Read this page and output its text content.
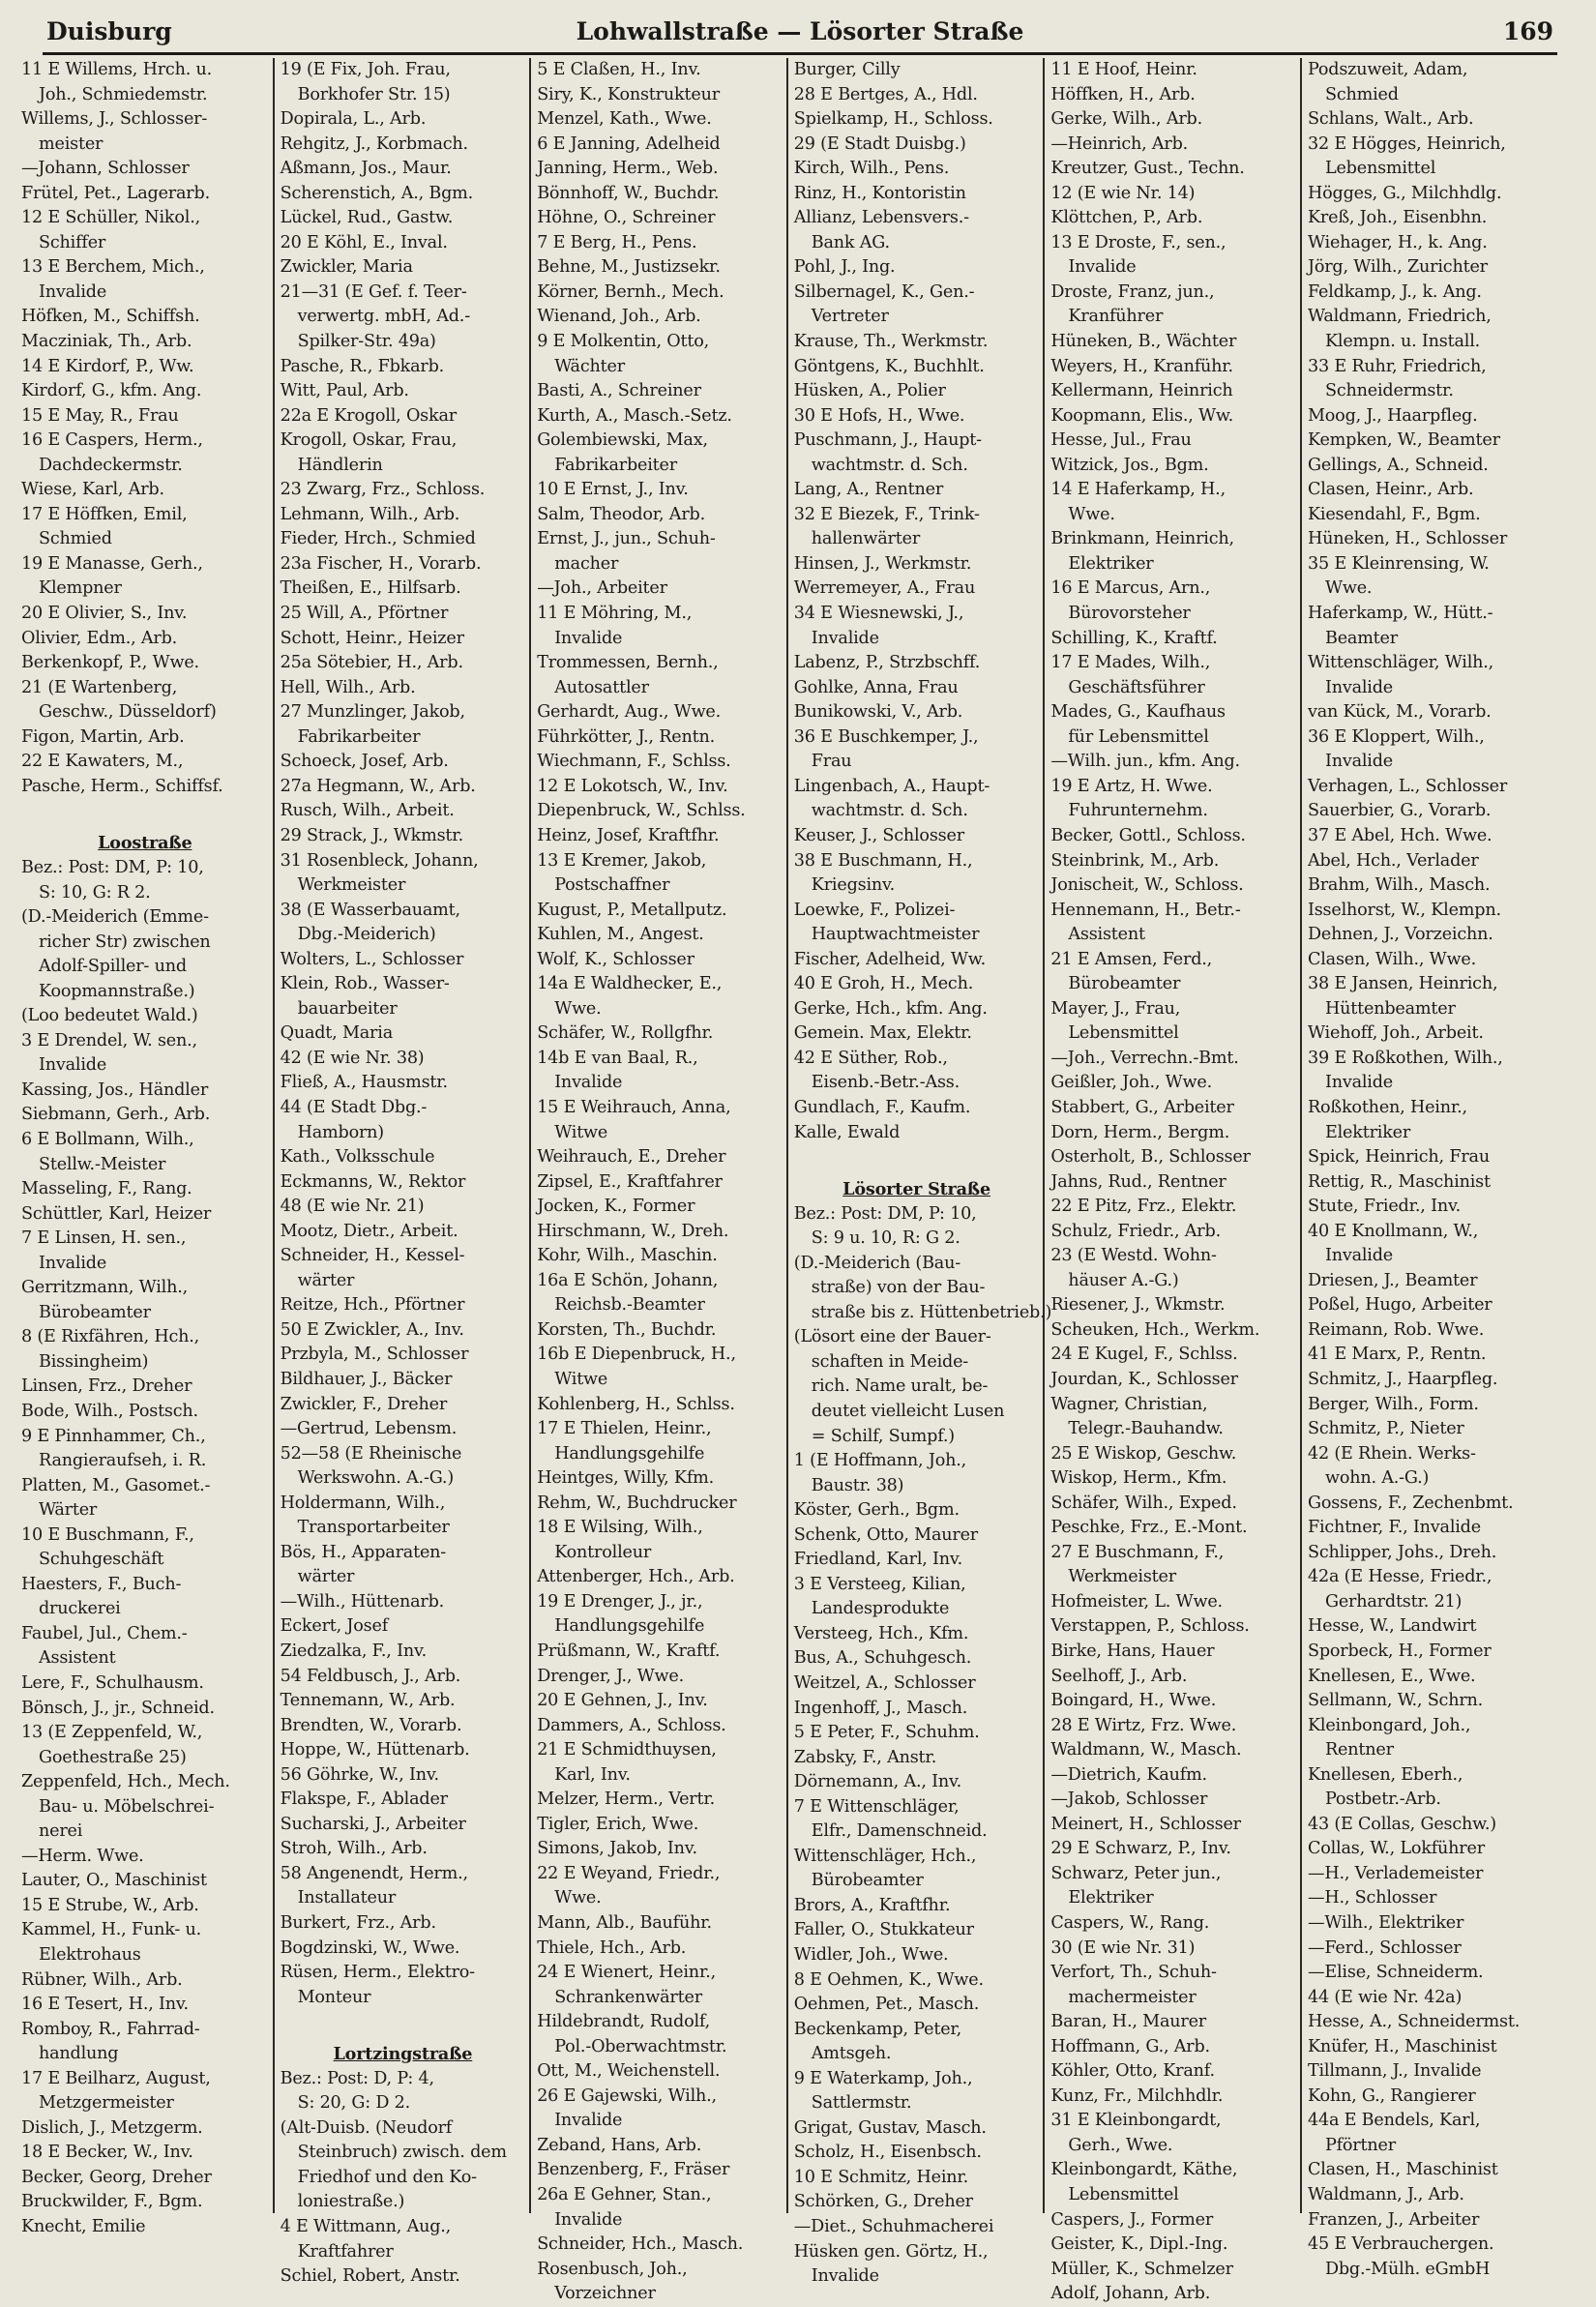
Duisburg	Lohwallstraße — Lösorter Straße	169
11 E Willems, Hrch. u.
Joh., Schmiedemstr.
Willems, J., Schlosser-
meister
—Johann, Schlosser
Frütel, Pet., Lagerarb.
12 E Schüller, Nikol.,
Schiffer
13 E Berchem, Mich.,
Invalide
Höfken, M., Schiffsh.
Macziniak, Th., Arb.
14 E Kirdorf, P., Ww.
Kirdorf, G., kfm. Ang.
15 E May, R., Frau
16 E Caspers, Herm.,
Dachdeckermstr.
Wiese, Karl, Arb.
17 E Höffken, Emil,
Schmied
19 E Manasse, Gerh.,
Klempner
20 E Olivier, S., Inv.
Olivier, Edm., Arb.
Berkenkopf, P., Wwe.
21 (E Wartenberg,
Geschw., Düsseldorf)
Figon, Martin, Arb.
22 E Kawaters, M.,
Pasche, Herm., Schiffsf.
Loostraße
Bez.: Post: DM, P: 10,
S: 10, G: R 2.
(D.-Meiderich (Emme-
richer Str) zwischen
Adolf-Spiller- und
Koopmannstraße.)
(Loo bedeutet Wald.)
3 E Drendel, W. sen.,
Invalide
Kassing, Jos., Händler
Siebmann, Gerh., Arb.
6 E Bollmann, Wilh.,
Stellw.-Meister
Masseling, F., Rang.
Schüttler, Karl, Heizer
7 E Linsen, H. sen.,
Invalide
Gerritzmann, Wilh.,
Bürobeamter
8 (E Rixfähren, Hch.,
Bissingheim)
Linsen, Frz., Dreher
Bode, Wilh., Postsch.
9 E Pinnhammer, Ch.,
Rangieraufseh, i. R.
Platten, M., Gasomet.-
Wärter
10 E Buschmann, F.,
Schuhgeschäft
Haesters, F., Buch-
druckerei
Faubel, Jul., Chem.-
Assistent
Lere, F., Schulhausm.
Bönsch, J., jr., Schneid.
13 (E Zeppenfeld, W.,
Goethestraße 25)
Zeppenfeld, Hch., Mech.
Bau- u. Möbelschrei-
nerei
—Herm. Wwe.
Lauter, O., Maschinist
15 E Strube, W., Arb.
Kammel, H., Funk- u.
Elektrohaus
Rübner, Wilh., Arb.
16 E Tesert, H., Inv.
Romboy, R., Fahrrad-
handlung
17 E Beilharz, August,
Metzgermeister
Dislich, J., Metzgerm.
18 E Becker, W., Inv.
Becker, Georg, Dreher
Bruckwilder, F., Bgm.
Knecht, Emilie
19 (E Fix, Joh. Frau,
Borkhofer Str. 15)
Dopirala, L., Arb.
Rehgitz, J., Korbmach.
Aßmann, Jos., Maur.
Scherenstich, A., Bgm.
Lückel, Rud., Gastw.
20 E Köhl, E., Inval.
Zwickler, Maria
21—31 (E Gef. f. Teer-
verwertg. mbH, Ad.-
Spilker-Str. 49a)
Pasche, R., Fbkarb.
Witt, Paul, Arb.
22a E Krogoll, Oskar
Krogoll, Oskar, Frau,
Händlerin
23 Zwarg, Frz., Schloss.
Lehmann, Wilh., Arb.
Fieder, Hrch., Schmied
23a Fischer, H., Vorarb.
Theißen, E., Hilfsarb.
25 Will, A., Pförtner
Schott, Heinr., Heizer
25a Sötebier, H., Arb.
Hell, Wilh., Arb.
27 Munzlinger, Jakob,
Fabrikarbeiter
Schoeck, Josef, Arb.
27a Hegmann, W., Arb.
Rusch, Wilh., Arbeit.
29 Strack, J., Wkmstr.
31 Rosenbleck, Johann,
Werkmeister
38 (E Wasserbauamt,
Dbg.-Meiderich)
Wolters, L., Schlosser
Klein, Rob., Wasser-
bauarbeiter
Quadt, Maria
42 (E wie Nr. 38)
Fließ, A., Hausmstr.
44 (E Stadt Dbg.-
Hamborn)
Kath., Volksschule
Eckmanns, W., Rektor
48 (E wie Nr. 21)
Mootz, Dietr., Arbeit.
Schneider, H., Kessel-
wärter
Reitze, Hch., Pförtner
50 E Zwickler, A., Inv.
Przbyla, M., Schlosser
Bildhauer, J., Bäcker
Zwickler, F., Dreher
—Gertrud, Lebensm.
52—58 (E Rheinische
Werkswohn. A.-G.)
Holdermann, Wilh.,
Transportarbeiter
Bös, H., Apparaten-
wärter
—Wilh., Hüttenarb.
Eckert, Josef
Ziedzalka, F., Inv.
54 Feldbusch, J., Arb.
Tennemann, W., Arb.
Brendten, W., Vorarb.
Hoppe, W., Hüttenarb.
56 Göhrke, W., Inv.
Flakspe, F., Ablader
Sucharski, J., Arbeiter
Stroh, Wilh., Arb.
58 Angenendt, Herm.,
Installateur
Burkert, Frz., Arb.
Bogdzinski, W., Wwe.
Rüsen, Herm., Elektro-
Monteur
Lortzingstraße
Bez.: Post: D, P: 4,
S: 20, G: D 2.
(Alt-Duisb. (Neudorf
Steinbruch) zwisch. dem
Friedhof und den Ko-
loniestraße.)
4 E Wittmann, Aug.,
Kraftfahrer
Schiel, Robert, Anstr.
5 E Claßen, H., Inv.
Siry, K., Konstrukteur
Menzel, Kath., Wwe.
6 E Janning, Adelheid
Janning, Herm., Web.
Bönnhoff, W., Buchdr.
Höhne, O., Schreiner
7 E Berg, H., Pens.
Behne, M., Justizsekr.
Körner, Bernh., Mech.
Wienand, Joh., Arb.
9 E Molkentin, Otto,
Wächter
Basti, A., Schreiner
Kurth, A., Masch.-Setz.
Golembiewski, Max,
Fabrikarbeiter
10 E Ernst, J., Inv.
Salm, Theodor, Arb.
Ernst, J., jun., Schuh-
macher
—Joh., Arbeiter
11 E Möhring, M.,
Invalide
Trommessen, Bernh.,
Autosattler
Gerhardt, Aug., Wwe.
Führkötter, J., Rentn.
Wiechmann, F., Schlss.
12 E Lokotsch, W., Inv.
Diepenbruck, W., Schlss.
Heinz, Josef, Kraftfhr.
13 E Kremer, Jakob,
Postschaffner
Kugust, P., Metallputz.
Kuhlen, M., Angest.
Wolf, K., Schlosser
14a E Waldhecker, E.,
Wwe.
Schäfer, W., Rollgfhr.
14b E van Baal, R.,
Invalide
15 E Weihrauch, Anna,
Witwe
Weihrauch, E., Dreher
Zipsel, E., Kraftfahrer
Jocken, K., Former
Hirschmann, W., Dreh.
Kohr, Wilh., Maschin.
16a E Schön, Johann,
Reichsb.-Beamter
Korsten, Th., Buchdr.
16b E Diepenbruck, H.,
Witwe
Kohlenberg, H., Schlss.
17 E Thielen, Heinr.,
Handlungsgehilfe
Heintges, Willy, Kfm.
Rehm, W., Buchdrucker
18 E Wilsing, Wilh.,
Kontrolleur
Attenberger, Hch., Arb.
19 E Drenger, J., jr.,
Handlungsgehilfe
Prüßmann, W., Kraftf.
Drenger, J., Wwe.
20 E Gehnen, J., Inv.
Dammers, A., Schloss.
21 E Schmidthuysen,
Karl, Inv.
Melzer, Herm., Vertr.
Tigler, Erich, Wwe.
Simons, Jakob, Inv.
22 E Weyand, Friedr.,
Wwe.
Mann, Alb., Bauführ.
Thiele, Hch., Arb.
24 E Wienert, Heinr.,
Schrankenwärter
Hildebrandt, Rudolf,
Pol.-Oberwachtmstr.
Ott, M., Weichenstell.
26 E Gajewski, Wilh.,
Invalide
Zeband, Hans, Arb.
Benzenberg, F., Fräser
26a E Gehner, Stan.,
Invalide
Schneider, Hch., Masch.
Rosenbusch, Joh.,
Vorzeichner
Burger, Cilly
28 E Bertges, A., Hdl.
Spielkamp, H., Schloss.
29 (E Stadt Duisbg.)
Kirch, Wilh., Pens.
Rinz, H., Kontoristin
Allianz, Lebensvers.-
Bank AG.
Pohl, J., Ing.
Silbernagel, K., Gen.-
Vertreter
Krause, Th., Werkmstr.
Göntgens, K., Buchhlt.
Hüsken, A., Polier
30 E Hofs, H., Wwe.
Puschmann, J., Haupt-
wachtmstr. d. Sch.
Lang, A., Rentner
32 E Biezek, F., Trink-
hallenwärter
Hinsen, J., Werkmstr.
Werremeyer, A., Frau
34 E Wiesnewski, J.,
Invalide
Labenz, P., Strzbschff.
Gohlke, Anna, Frau
Bunikowski, V., Arb.
36 E Buschkemper, J.,
Frau
Lingenbach, A., Haupt-
wachtmstr. d. Sch.
Keuser, J., Schlosser
38 E Buschmann, H.,
Kriegsinv.
Loewke, F., Polizei-
Hauptwachtmeister
Fischer, Adelheid, Ww.
40 E Groh, H., Mech.
Gerke, Hch., kfm. Ang.
Gemein. Max, Elektr.
42 E Süther, Rob.,
Eisenb.-Betr.-Ass.
Gundlach, F., Kaufm.
Kalle, Ewald
Lösorter Straße
Bez.: Post: DM, P: 10,
S: 9 u. 10, R: G 2.
(D.-Meiderich (Bau-
straße) von der Bau-
straße bis z. Hüttenbetrieb.)
(Lösort eine der Bauer-
schaften in Meide-
rich. Name uralt, be-
deutet vielleicht Lusen
= Schilf, Sumpf.)
1 (E Hoffmann, Joh.,
Baustr. 38)
Köster, Gerh., Bgm.
Schenk, Otto, Maurer
Friedland, Karl, Inv.
3 E Versteeg, Kilian,
Landesprodukte
Versteeg, Hch., Kfm.
Bus, A., Schuhgesch.
Weitzel, A., Schlosser
Ingenhoff, J., Masch.
5 E Peter, F., Schuhm.
Zabsky, F., Anstr.
Dörnemann, A., Inv.
7 E Wittenschläger,
Elfr., Damenschneid.
Wittenschläger, Hch.,
Bürobeamter
Brors, A., Kraftfhr.
Faller, O., Stukkateur
Widler, Joh., Wwe.
8 E Oehmen, K., Wwe.
Oehmen, Pet., Masch.
Beckenkamp, Peter,
Amtsgeh.
9 E Waterkamp, Joh.,
Sattlermstr.
Grigat, Gustav, Masch.
Scholz, H., Eisenbsch.
10 E Schmitz, Heinr.
Schörken, G., Dreher
—Diet., Schuhmacherei
Hüsken gen. Görtz, H.,
Invalide
11 E Hoof, Heinr.
Höffken, H., Arb.
Gerke, Wilh., Arb.
—Heinrich, Arb.
Kreutzer, Gust., Techn.
12 (E wie Nr. 14)
Klöttchen, P., Arb.
13 E Droste, F., sen.,
Invalide
Droste, Franz, jun.,
Kranführer
Hüneken, B., Wächter
Weyers, H., Kranführ.
Kellermann, Heinrich
Koopmann, Elis., Ww.
Hesse, Jul., Frau
Witzick, Jos., Bgm.
14 E Haferkamp, H.,
Wwe.
Brinkmann, Heinrich,
Elektriker
16 E Marcus, Arn.,
Bürovorsteher
Schilling, K., Kraftf.
17 E Mades, Wilh.,
Geschäftsführer
Mades, G., Kaufhaus
für Lebensmittel
—Wilh. jun., kfm. Ang.
19 E Artz, H. Wwe.
Fuhrunternehm.
Becker, Gottl., Schloss.
Steinbrink, M., Arb.
Jonischeit, W., Schloss.
Hennemann, H., Betr.-
Assistent
21 E Amsen, Ferd.,
Bürobeamter
Mayer, J., Frau,
Lebensmittel
—Joh., Verrechn.-Bmt.
Geißler, Joh., Wwe.
Stabbert, G., Arbeiter
Dorn, Herm., Bergm.
Osterholt, B., Schlosser
Jahns, Rud., Rentner
22 E Pitz, Frz., Elektr.
Schulz, Friedr., Arb.
23 (E Westd. Wohn-
häuser A.-G.)
Riesener, J., Wkmstr.
Scheuken, Hch., Werkm.
24 E Kugel, F., Schlss.
Jourdan, K., Schlosser
Wagner, Christian,
Telegr.-Bauhandw.
25 E Wiskop, Geschw.
Wiskop, Herm., Kfm.
Schäfer, Wilh., Exped.
Peschke, Frz., E.-Mont.
27 E Buschmann, F.,
Werkmeister
Hofmeister, L. Wwe.
Verstappen, P., Schloss.
Birke, Hans, Hauer
Seelhoff, J., Arb.
Boingard, H., Wwe.
28 E Wirtz, Frz. Wwe.
Waldmann, W., Masch.
—Dietrich, Kaufm.
—Jakob, Schlosser
Meinert, H., Schlosser
29 E Schwarz, P., Inv.
Schwarz, Peter jun.,
Elektriker
Caspers, W., Rang.
30 (E wie Nr. 31)
Verfort, Th., Schuh-
machermeister
Baran, H., Maurer
Hoffmann, G., Arb.
Köhler, Otto, Kranf.
Kunz, Fr., Milchhdlr.
31 E Kleinbongardt,
Gerh., Wwe.
Kleinbongardt, Käthe,
Lebensmittel
Caspers, J., Former
Geister, K., Dipl.-Ing.
Müller, K., Schmelzer
Adolf, Johann, Arb.
Podszuweit, Adam,
Schmied
Schlans, Walt., Arb.
32 E Högges, Heinrich,
Lebensmittel
Högges, G., Milchhdlg.
Kreß, Joh., Eisenbhn.
Wiehager, H., k. Ang.
Jörg, Wilh., Zurichter
Feldkamp, J., k. Ang.
Waldmann, Friedrich,
Klempn. u. Install.
33 E Ruhr, Friedrich,
Schneidermstr.
Moog, J., Haarpfleg.
Kempken, W., Beamter
Gellings, A., Schneid.
Clasen, Heinr., Arb.
Kiesendahl, F., Bgm.
Hüneken, H., Schlosser
35 E Kleinrensing, W.
Wwe.
Haferkamp, W., Hütt.-
Beamter
Wittenschläger, Wilh.,
Invalide
van Kück, M., Vorarb.
36 E Kloppert, Wilh.,
Invalide
Verhagen, L., Schlosser
Sauerbier, G., Vorarb.
37 E Abel, Hch. Wwe.
Abel, Hch., Verlader
Brahm, Wilh., Masch.
Isselhorst, W., Klempn.
Dehnen, J., Vorzeichn.
Clasen, Wilh., Wwe.
38 E Jansen, Heinrich,
Hüttenbeamter
Wiehoff, Joh., Arbeit.
39 E Roßkothen, Wilh.,
Invalide
Roßkothen, Heinr.,
Elektriker
Spick, Heinrich, Frau
Rettig, R., Maschinist
Stute, Friedr., Inv.
40 E Knollmann, W.,
Invalide
Driesen, J., Beamter
Poßel, Hugo, Arbeiter
Reimann, Rob. Wwe.
41 E Marx, P., Rentn.
Schmitz, J., Haarpfleg.
Berger, Wilh., Form.
Schmitz, P., Nieter
42 (E Rhein. Werks-
wohn. A.-G.)
Gossens, F., Zechenbmt.
Fichtner, F., Invalide
Schlipper, Johs., Dreh.
42a (E Hesse, Friedr.,
Gerhardtstr. 21)
Hesse, W., Landwirt
Sporbeck, H., Former
Knellesen, E., Wwe.
Sellmann, W., Schrn.
Kleinbongard, Joh.,
Rentner
Knellesen, Eberh.,
Postbetr.-Arb.
43 (E Collas, Geschw.)
Collas, W., Lokführer
—H., Verlademeister
—H., Schlosser
—Wilh., Elektriker
—Ferd., Schlosser
—Elise, Schneiderm.
44 (E wie Nr. 42a)
Hesse, A., Schneidermst.
Knüfer, H., Maschinist
Tillmann, J., Invalide
Kohn, G., Rangierer
44a E Bendels, Karl,
Pförtner
Clasen, H., Maschinist
Waldmann, J., Arb.
Franzen, J., Arbeiter
45 E Verbrauchergen.
Dbg.-Mülh. eGmbH
